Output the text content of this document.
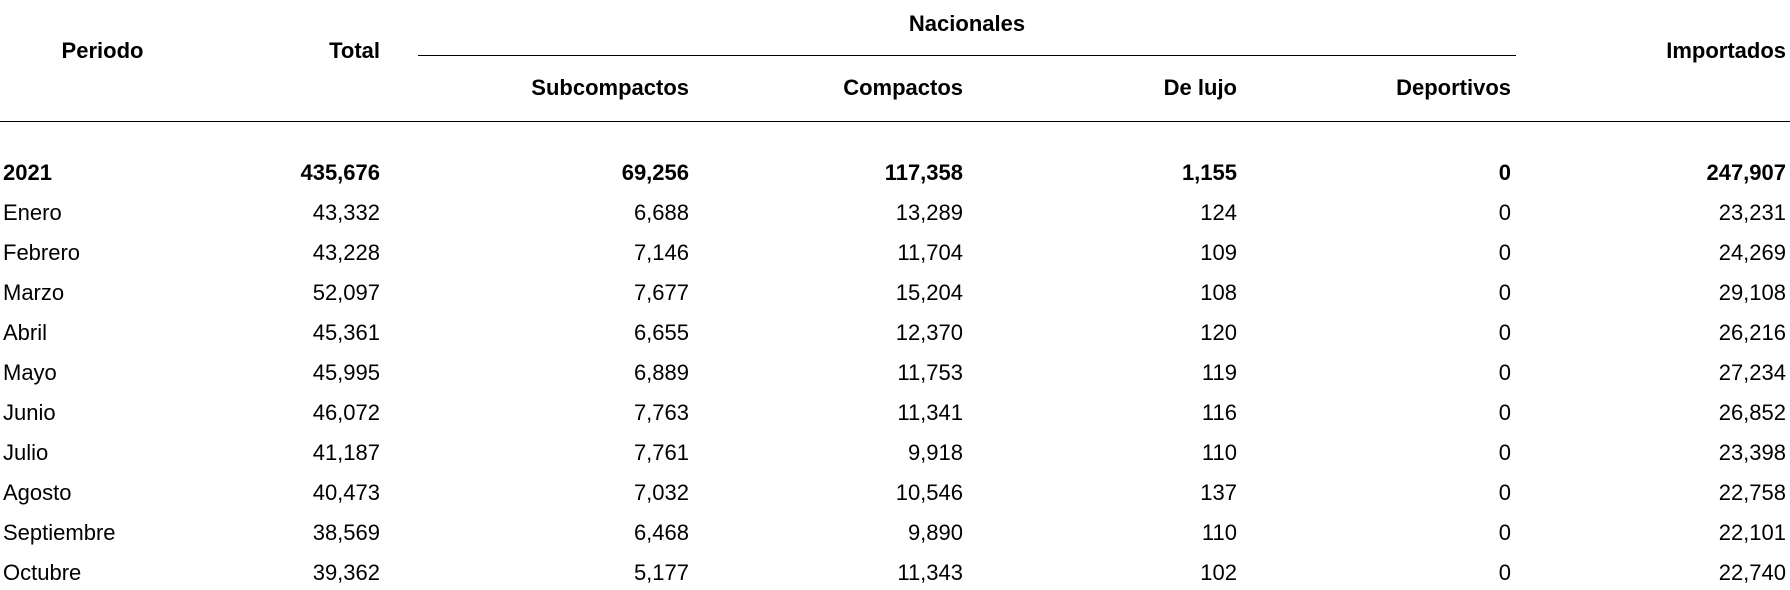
Periodo	Total
Nacionales
Subcompactos	Compactos	De lujo	Deportivos
Importados
2021	435,676	69,256	117,358	1,155	0	247,907
Enero	43,332	6,688	13,289	124	0	23,231
Febrero	43,228	7,146	11,704	109	0	24,269
Marzo	52,097	7,677	15,204	108	0	29,108
Abril	45,361	6,655	12,370	120	0	26,216
Mayo	45,995	6,889	11,753	119	0	27,234
Junio	46,072	7,763	11,341	116	0	26,852
Julio	41,187	7,761	9,918	110	0	23,398
Agosto	40,473	7,032	10,546	137	0	22,758
Septiembre	38,569	6,468	9,890	110	0	22,101
Octubre	39,362	5,177	11,343	102	0	22,740
